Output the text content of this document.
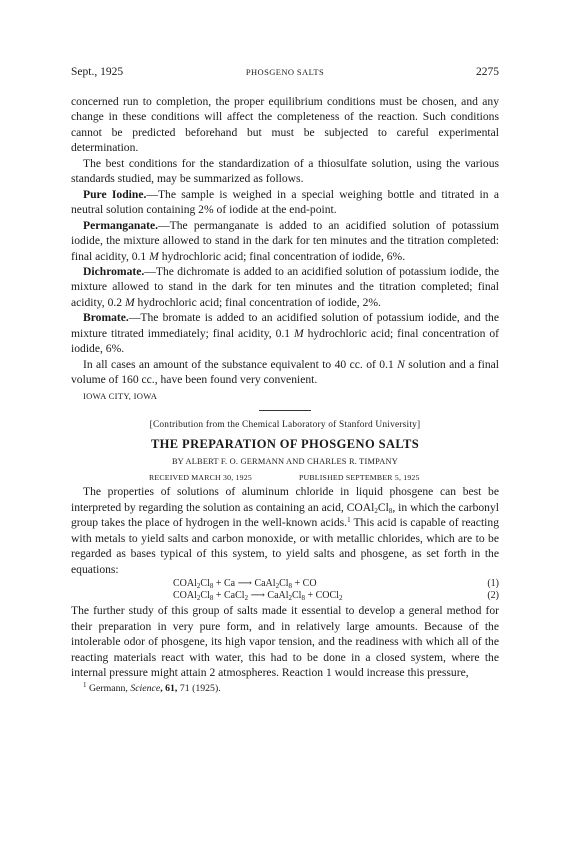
Sept., 1925	PHOSGENO SALTS	2275

concerned run to completion, the proper equilibrium conditions must be chosen, and any change in these conditions will affect the completeness of the reaction. Such conditions cannot be predicted beforehand but must be subjected to careful experimental determination.

The best conditions for the standardization of a thiosulfate solution, using the various standards studied, may be summarized as follows.

Pure Iodine.—The sample is weighed in a special weighing bottle and titrated in a neutral solution containing 2% of iodide at the end-point.

Permanganate.—The permanganate is added to an acidified solution of potassium iodide, the mixture allowed to stand in the dark for ten minutes and the titration completed: final acidity, 0.1 M hydrochloric acid; final concentration of iodide, 6%.

Dichromate.—The dichromate is added to an acidified solution of potassium iodide, the mixture allowed to stand in the dark for ten minutes and the titration completed; final acidity, 0.2 M hydrochloric acid; final concentration of iodide, 2%.

Bromate.—The bromate is added to an acidified solution of potassium iodide, and the mixture titrated immediately; final acidity, 0.1 M hydrochloric acid; final concentration of iodide, 6%.

In all cases an amount of the substance equivalent to 40 cc. of 0.1 N solution and a final volume of 160 cc., have been found very convenient.

IOWA CITY, IOWA
[Contribution from the Chemical Laboratory of Stanford University]
THE PREPARATION OF PHOSGENO SALTS
BY ALBERT F. O. GERMANN AND CHARLES R. TIMPANY
RECEIVED MARCH 30, 1925	PUBLISHED SEPTEMBER 5, 1925

The properties of solutions of aluminum chloride in liquid phosgene can best be interpreted by regarding the solution as containing an acid, $COAl_2Cl_8$, in which the carbonyl group takes the place of hydrogen in the well-known acids.$^1$ This acid is capable of reacting with metals to yield salts and carbon monoxide, or with metallic chlorides, which are to be regarded as bases typical of this system, to yield salts and phosgene, as set forth in the equations:

$COAl_2Cl_8 + Ca$ ⟶ $CaAl_2Cl_8$ + CO	(1)
$COAl_2Cl_8$ + CaCl$_2$ ⟶ $CaAl_2Cl_8$ + COCl$_2$	(2)

The further study of this group of salts made it essential to develop a general method for their preparation in very pure form, and in relatively large amounts. Because of the intolerable odor of phosgene, its high vapor tension, and the readiness with which all of the reacting materials react with water, this had to be done in a closed system, where the internal pressure might attain 2 atmospheres. Reaction 1 would increase this pressure,

$^1$ Germann, Science, 61, 71 (1925).
